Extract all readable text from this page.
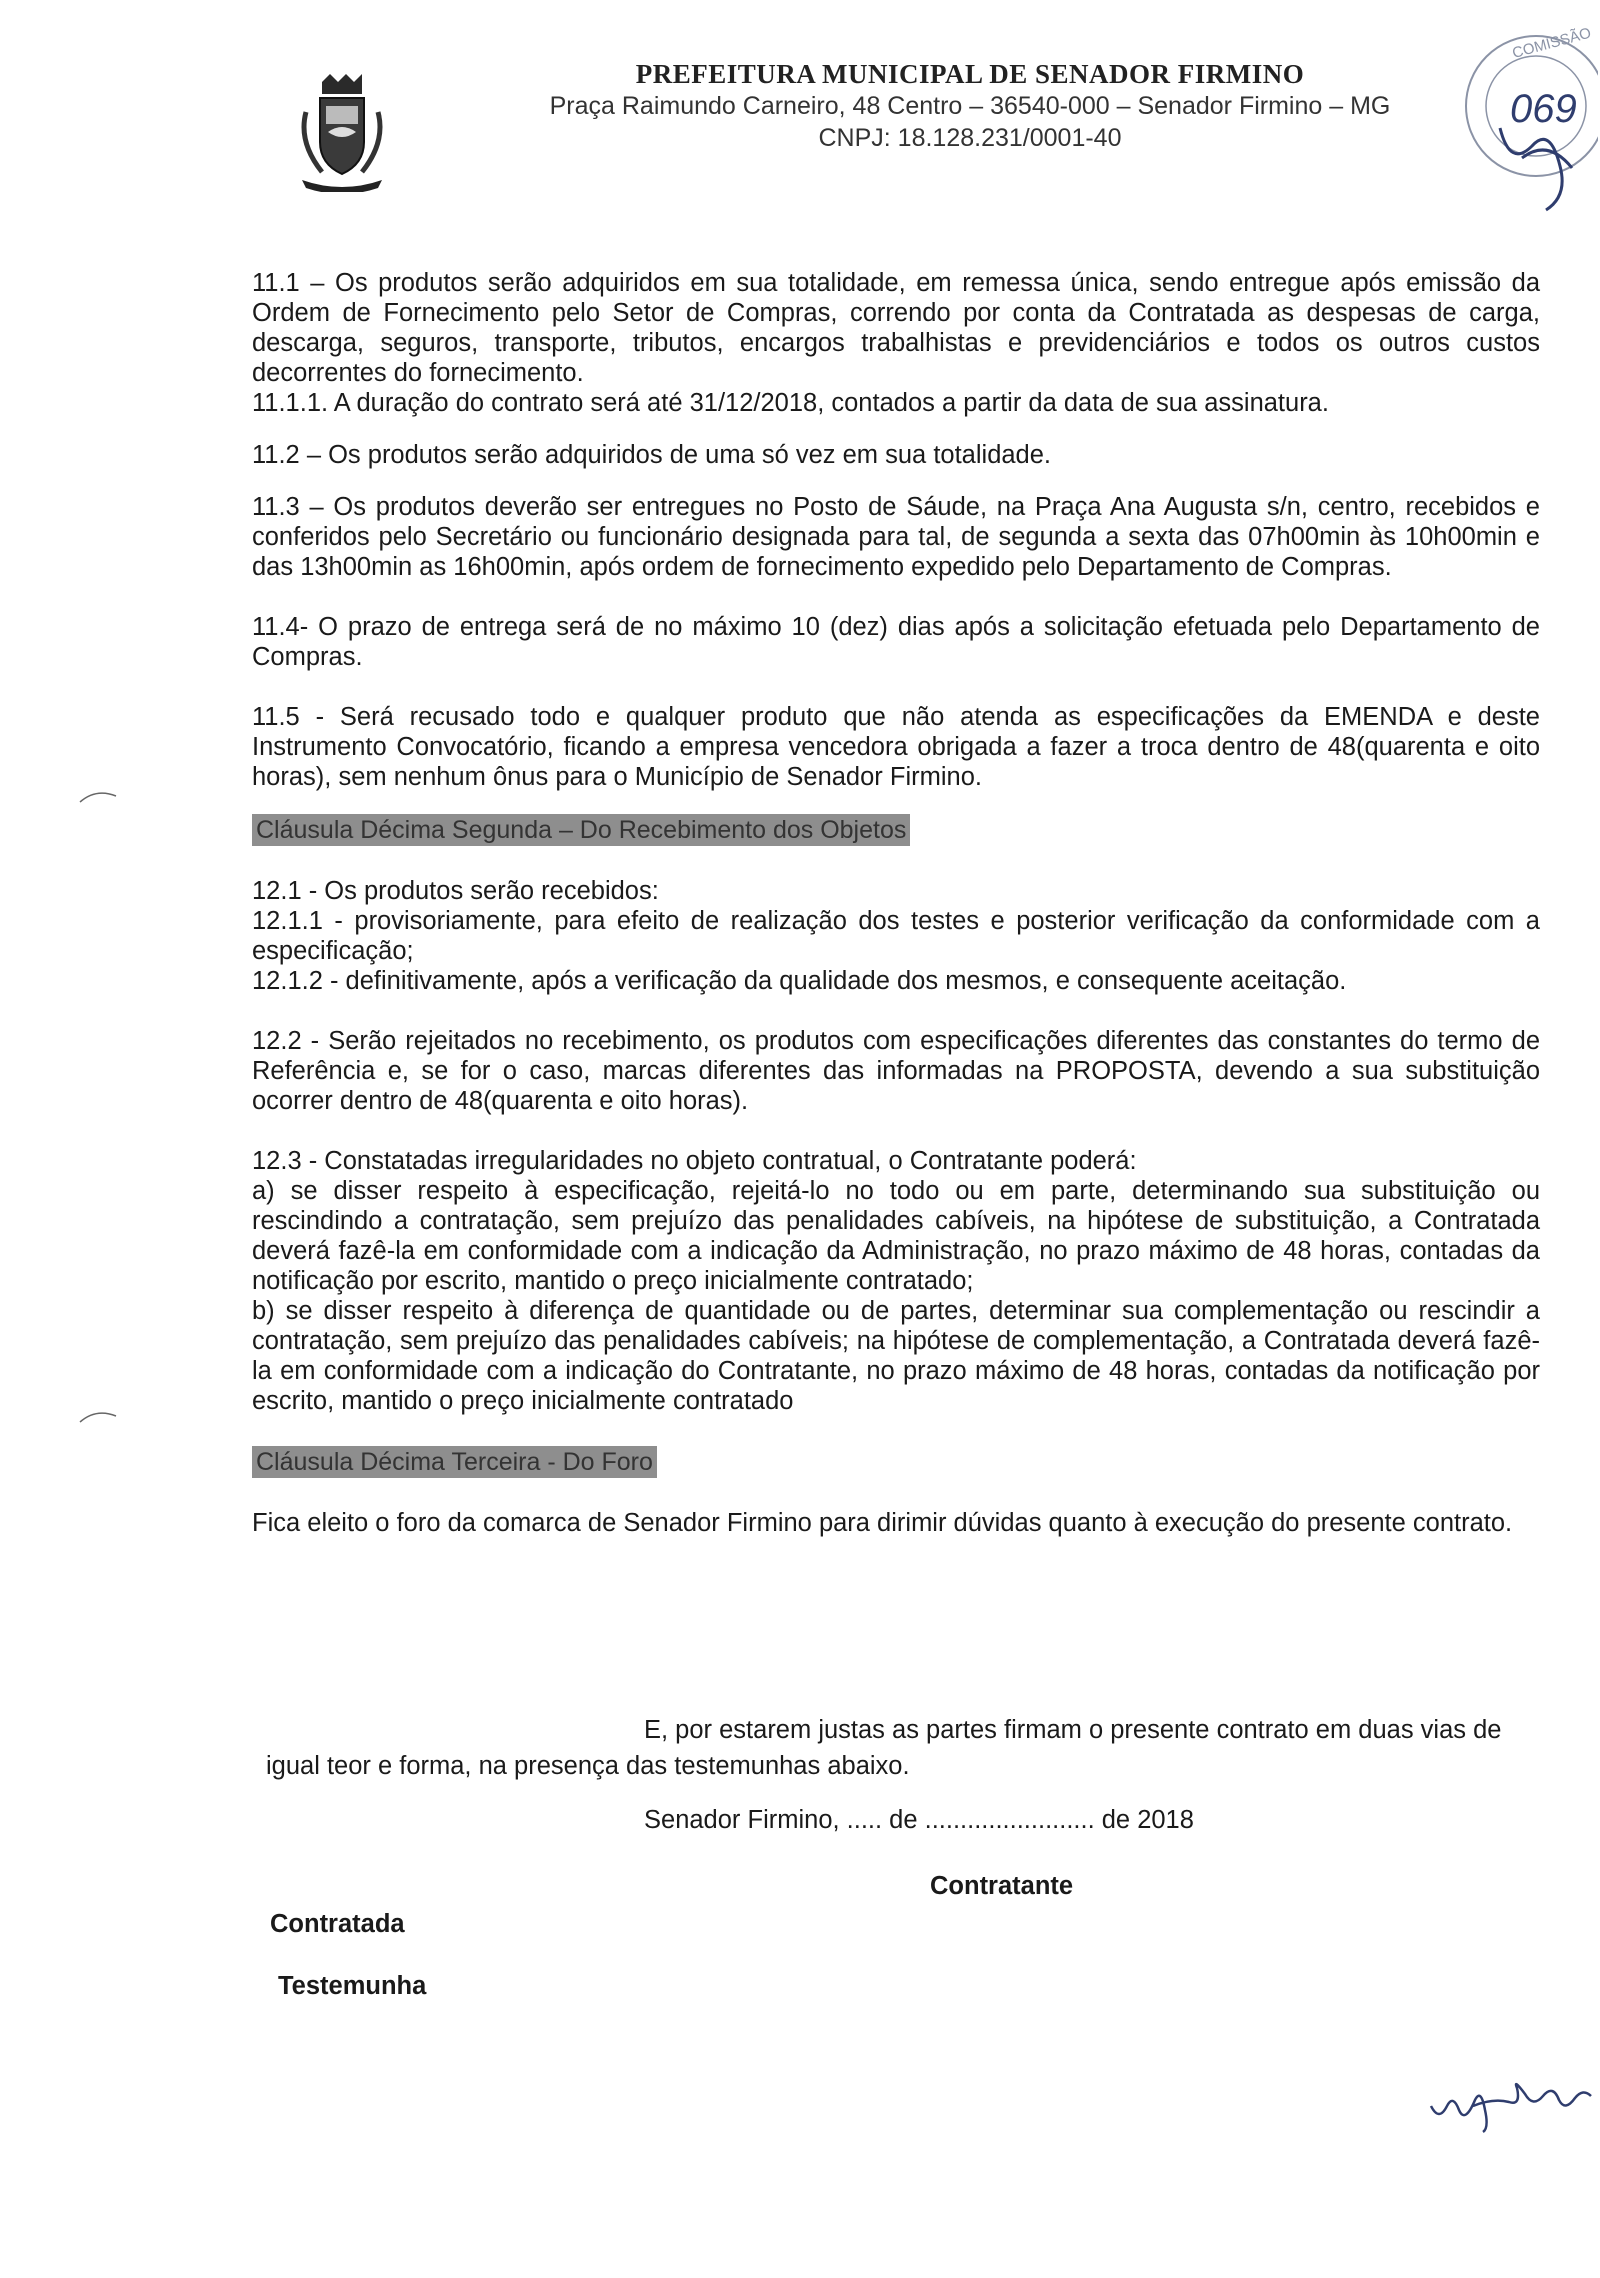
PREFEITURA MUNICIPAL DE SENADOR FIRMINO
Praça Raimundo Carneiro, 48 Centro – 36540-000 – Senador Firmino – MG
CNPJ: 18.128.231/0001-40
COMISSÃO
069

11.1 – Os produtos serão adquiridos em sua totalidade, em remessa única, sendo entregue após emissão da Ordem de Fornecimento pelo Setor de Compras, correndo por conta da Contratada as despesas de carga, descarga, seguros, transporte, tributos, encargos trabalhistas e previdenciários e todos os outros custos decorrentes do fornecimento.

11.1.1. A duração do contrato será até 31/12/2018, contados a partir da data de sua assinatura.

11.2 – Os produtos serão adquiridos de uma só vez em sua totalidade.

11.3 – Os produtos deverão ser entregues no Posto de Sáude, na Praça Ana Augusta s/n, centro, recebidos e conferidos pelo Secretário ou funcionário designada para tal, de segunda a sexta das 07h00min às 10h00min e das 13h00min as 16h00min, após ordem de fornecimento expedido pelo Departamento de Compras.

11.4- O prazo de entrega será de no máximo 10 (dez) dias após a solicitação efetuada pelo Departamento de Compras.

11.5 - Será recusado todo e qualquer produto que não atenda as especificações da EMENDA e deste Instrumento Convocatório, ficando a empresa vencedora obrigada a fazer a troca dentro de 48(quarenta e oito horas), sem nenhum ônus para o Município de Senador Firmino.

Cláusula Décima Segunda – Do Recebimento dos Objetos

12.1 - Os produtos serão recebidos:

12.1.1 - provisoriamente, para efeito de realização dos testes e posterior verificação da conformidade com a especificação;

12.1.2 - definitivamente, após a verificação da qualidade dos mesmos, e consequente aceitação.

12.2 - Serão rejeitados no recebimento, os produtos com especificações diferentes das constantes do termo de Referência e, se for o caso, marcas diferentes das informadas na PROPOSTA, devendo a sua substituição ocorrer dentro de 48(quarenta e oito horas).

12.3 - Constatadas irregularidades no objeto contratual, o Contratante poderá:

a) se disser respeito à especificação, rejeitá-lo no todo ou em parte, determinando sua substituição ou rescindindo a contratação, sem prejuízo das penalidades cabíveis, na hipótese de substituição, a Contratada deverá fazê-la em conformidade com a indicação da Administração, no prazo máximo de 48 horas, contadas da notificação por escrito, mantido o preço inicialmente contratado;

b) se disser respeito à diferença de quantidade ou de partes, determinar sua complementação ou rescindir a contratação, sem prejuízo das penalidades cabíveis; na hipótese de complementação, a Contratada deverá fazê-la em conformidade com a indicação do Contratante, no prazo máximo de 48 horas, contadas da notificação por escrito, mantido o preço inicialmente contratado

Cláusula Décima Terceira - Do Foro

Fica eleito o foro da comarca de Senador Firmino para dirimir dúvidas quanto à execução do presente contrato.

E, por estarem justas as partes firmam o presente contrato em duas vias de igual teor e forma, na presença das testemunhas abaixo.

Senador Firmino, ..... de ........................ de 2018
Contratante
Contratada
Testemunha
